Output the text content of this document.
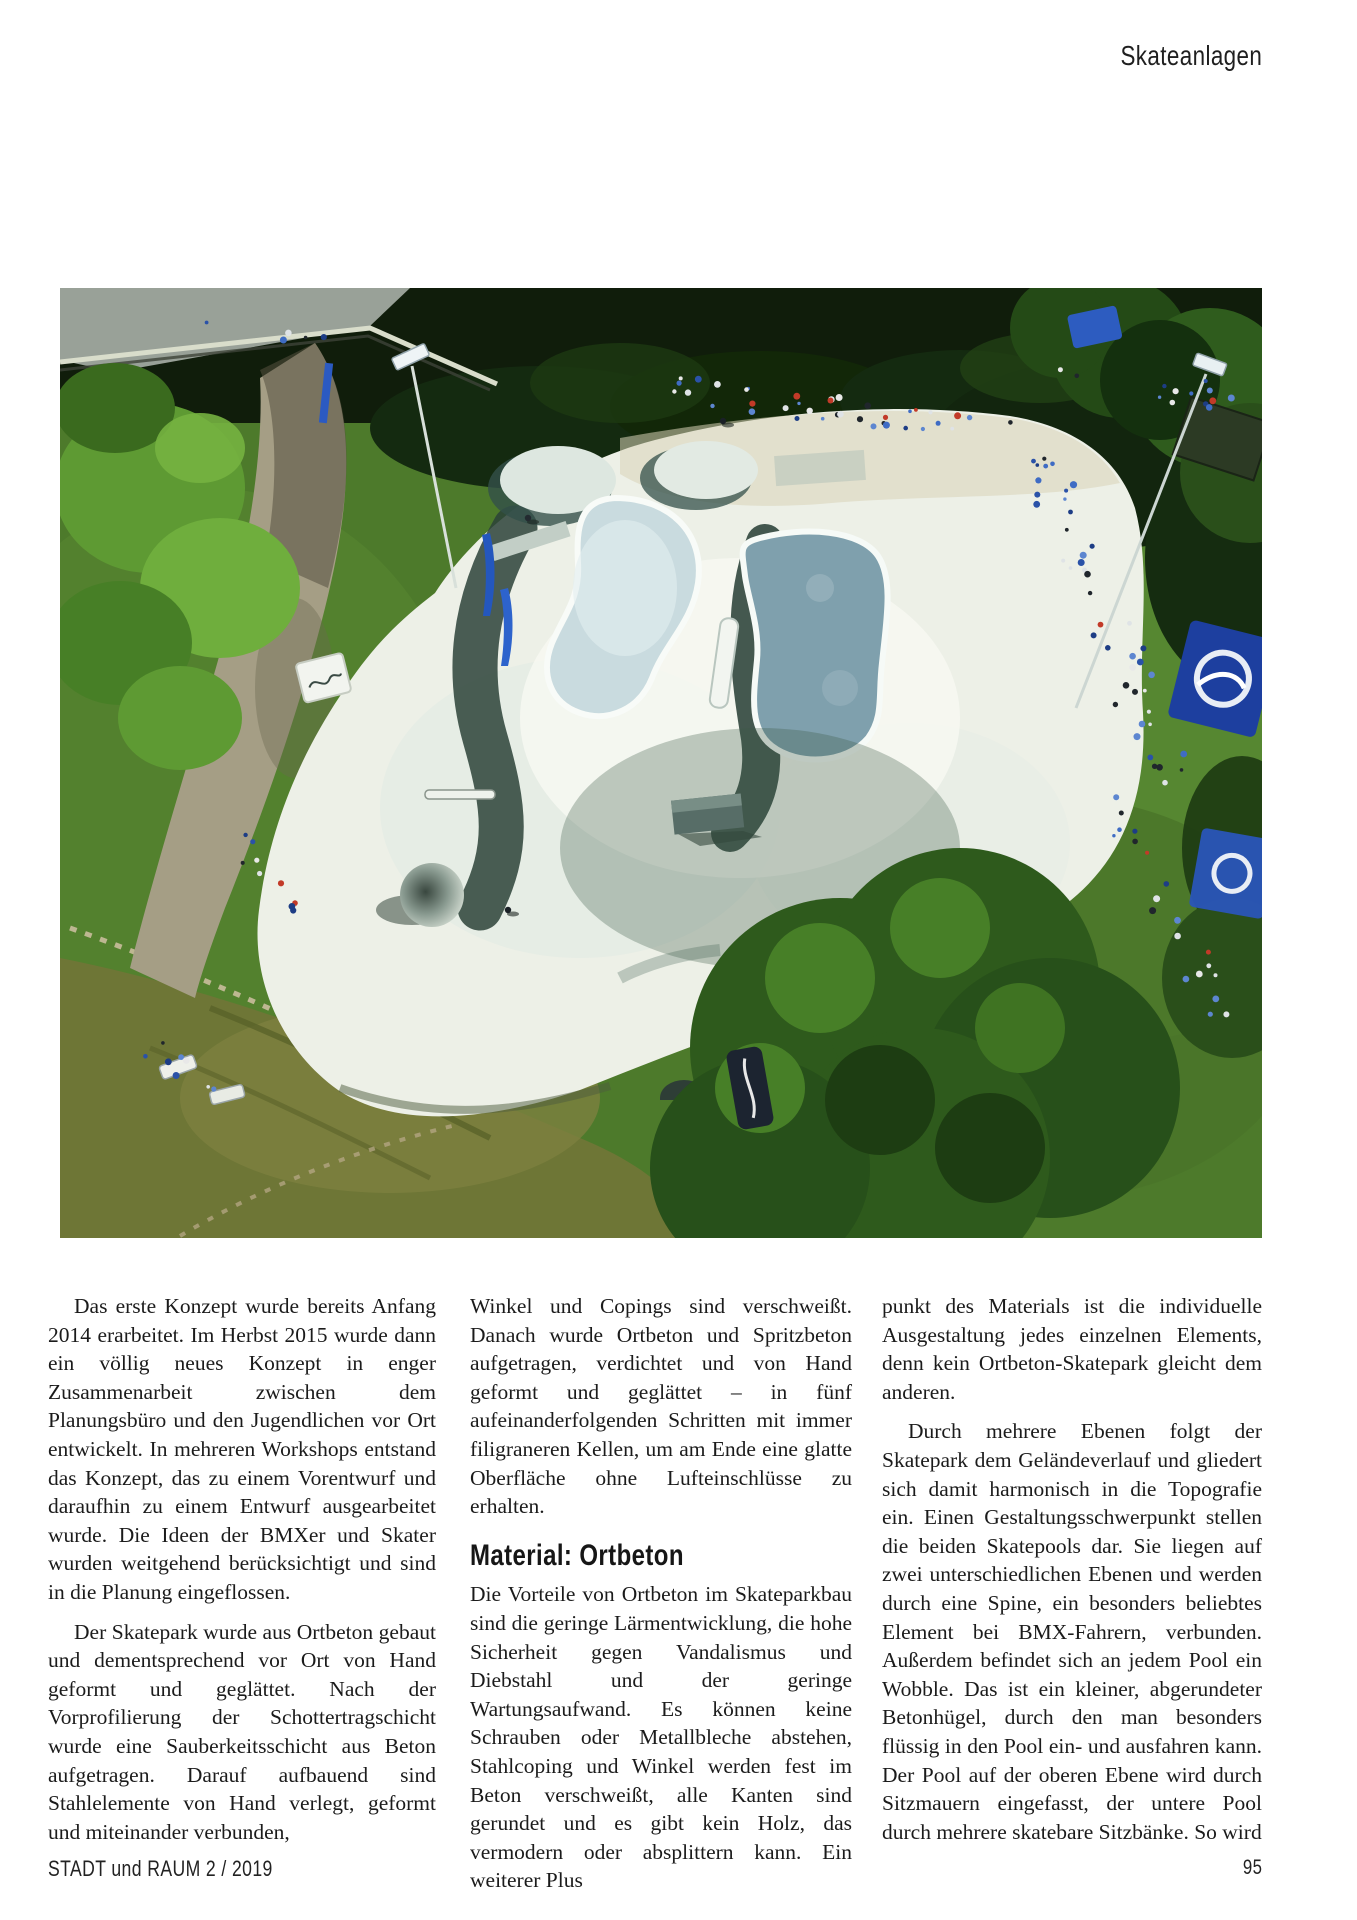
Skateanlagen

Das erste Konzept wurde bereits Anfang 2014 erarbeitet. Im Herbst 2015 wurde dann ein völlig neues Konzept in enger Zusammenarbeit zwischen dem Planungsbüro und den Jugendlichen vor Ort entwickelt. In mehreren Workshops entstand das Konzept, das zu einem Vorentwurf und daraufhin zu einem Entwurf ausgearbeitet wurde. Die Ideen der BMXer und Skater wurden weitgehend berücksichtigt und sind in die Planung eingeflossen.

Der Skatepark wurde aus Ortbeton gebaut und dementsprechend vor Ort von Hand geformt und geglättet. Nach der Vorprofilierung der Schottertragschicht wurde eine Sauberkeitsschicht aus Beton aufgetragen. Darauf aufbauend sind Stahlelemente von Hand verlegt, geformt und miteinander verbunden,

Winkel und Copings sind verschweißt. Danach wurde Ortbeton und Spritzbeton aufgetragen, verdichtet und von Hand geformt und geglättet – in fünf aufeinanderfolgenden Schritten mit immer filigraneren Kellen, um am Ende eine glatte Oberfläche ohne Lufteinschlüsse zu erhalten.

Material: Ortbeton

Die Vorteile von Ortbeton im Skateparkbau sind die geringe Lärmentwicklung, die hohe Sicherheit gegen Vandalismus und Diebstahl und der geringe Wartungsaufwand. Es können keine Schrauben oder Metallbleche abstehen, Stahlcoping und Winkel werden fest im Beton verschweißt, alle Kanten sind gerundet und es gibt kein Holz, das vermodern oder absplittern kann. Ein weiterer Plus

punkt des Materials ist die individuelle Ausgestaltung jedes einzelnen Elements, denn kein Ortbeton-Skatepark gleicht dem anderen.

Durch mehrere Ebenen folgt der Skatepark dem Geländeverlauf und gliedert sich damit harmonisch in die Topografie ein. Einen Gestaltungsschwerpunkt stellen die beiden Skatepools dar. Sie liegen auf zwei unterschiedlichen Ebenen und werden durch eine Spine, ein besonders beliebtes Element bei BMX-Fahrern, verbunden. Außerdem befindet sich an jedem Pool ein Wobble. Das ist ein kleiner, abgerundeter Betonhügel, durch den man besonders flüssig in den Pool ein- und ausfahren kann. Der Pool auf der oberen Ebene wird durch Sitzmauern eingefasst, der untere Pool durch mehrere skatebare Sitzbänke. So wird

STADT und RAUM 2 / 2019	95
